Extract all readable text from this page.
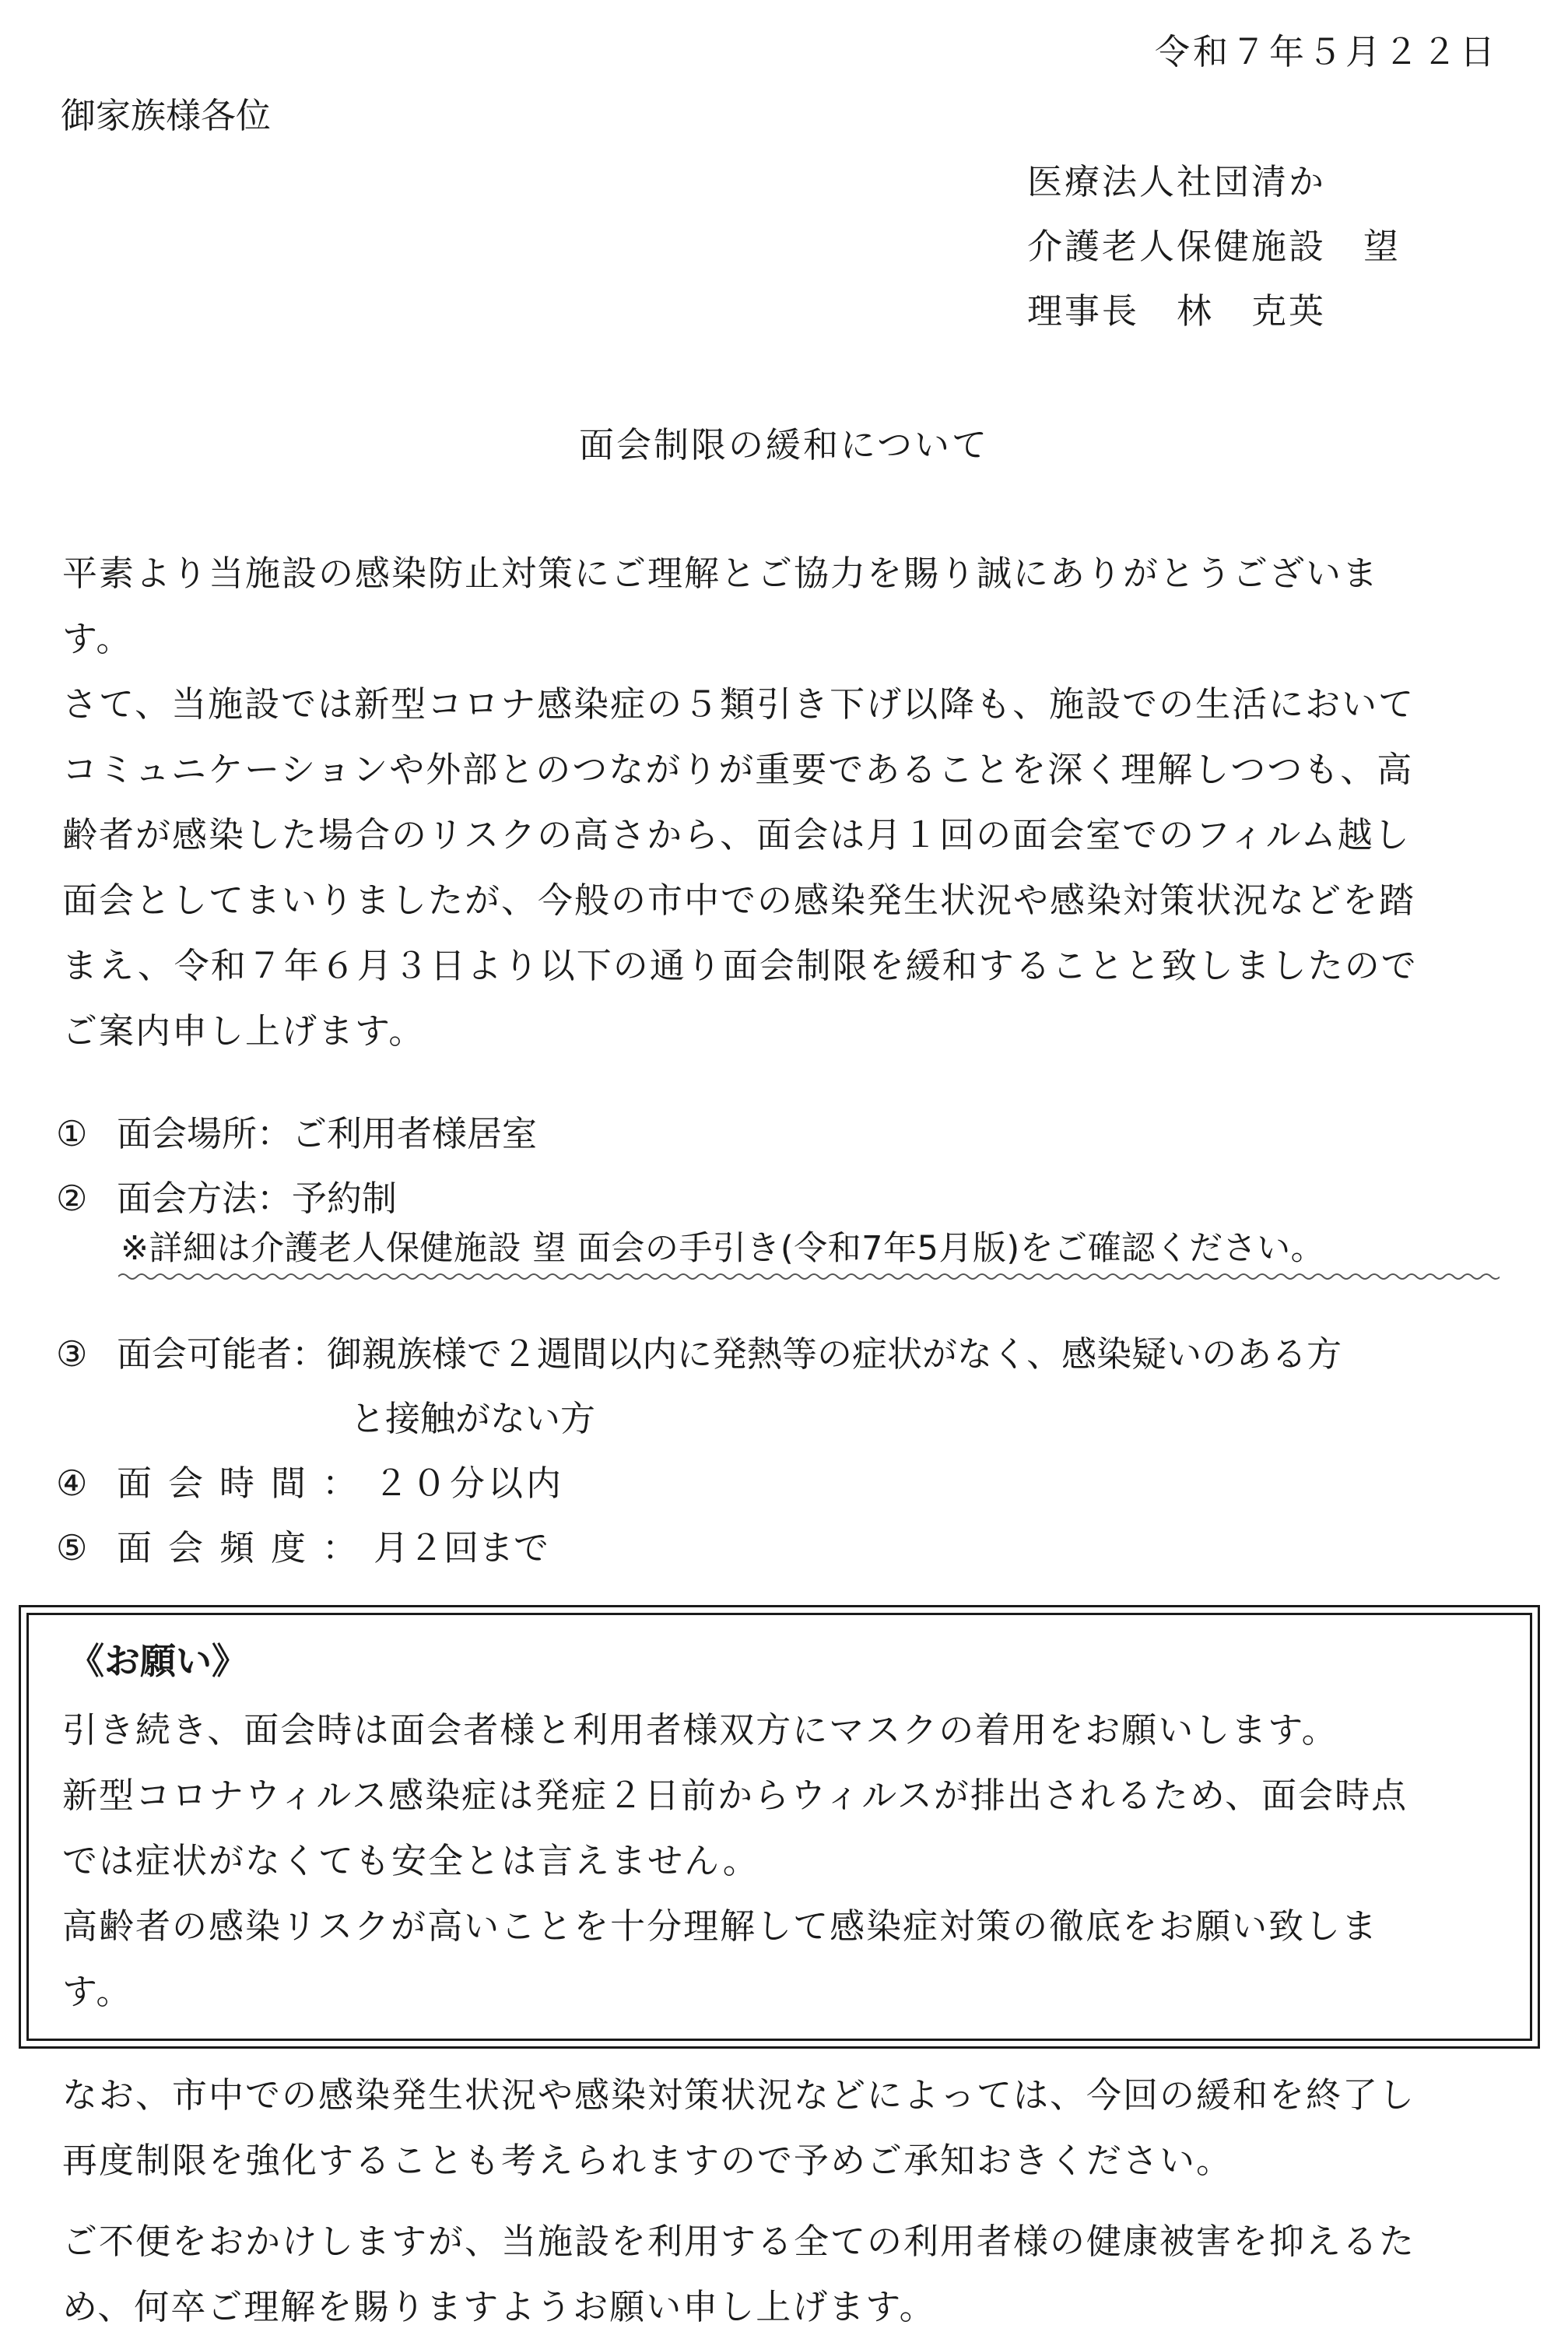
令和７年５月２２日
御家族様各位
医療法人社団清か
介護老人保健施設　望
理事長　林　克英
面会制限の緩和について
平素より当施設の感染防止対策にご理解とご協力を賜り誠にありがとうございま
す。
さて、当施設では新型コロナ感染症の５類引き下げ以降も、施設での生活において
コミュニケーションや外部とのつながりが重要であることを深く理解しつつも、高
齢者が感染した場合のリスクの高さから、面会は月１回の面会室でのフィルム越し
面会としてまいりましたが、今般の市中での感染発生状況や感染対策状況などを踏
まえ、令和７年６月３日より以下の通り面会制限を緩和することと致しましたので
ご案内申し上げます。
① 面会場所：ご利用者様居室
② 面会方法：予約制
※詳細は介護老人保健施設 望 面会の手引き(令和7年5月版)をご確認ください。
③ 面会可能者：御親族様で２週間以内に発熱等の症状がなく、感染疑いのある方
と接触がない方
④ 面会時間：２０分以内
⑤ 面会頻度：月２回まで
《お願い》
引き続き、面会時は面会者様と利用者様双方にマスクの着用をお願いします。
新型コロナウィルス感染症は発症２日前からウィルスが排出されるため、面会時点
では症状がなくても安全とは言えません。
高齢者の感染リスクが高いことを十分理解して感染症対策の徹底をお願い致しま
す。
なお、市中での感染発生状況や感染対策状況などによっては、今回の緩和を終了し
再度制限を強化することも考えられますので予めご承知おきください。
ご不便をおかけしますが、当施設を利用する全ての利用者様の健康被害を抑えるた
め、何卒ご理解を賜りますようお願い申し上げます。
